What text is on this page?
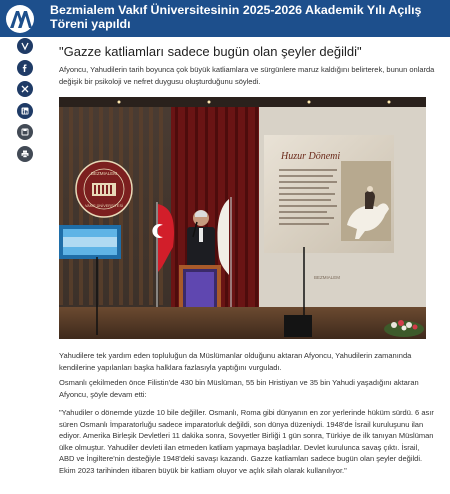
Bezmialem Vakıf Üniversitesinin 2025-2026 Akademik Yılı Açılış Töreni yapıldı
"Gazze katliamları sadece bugün olan şeyler değildi"
Afyoncu, Yahudilerin tarih boyunca çok büyük katliamlara ve sürgünlere maruz kaldığını belirterek, bunun onlarda değişik bir psikoloji ve nefret duygusu oluşturduğunu söyledi.
BEZMIALEM
VAKIF ÜNİVERSİTESİ
Huzur Dönemi
BEZMIALEM
Yahudilere tek yardım eden topluluğun da Müslümanlar olduğunu aktaran Afyoncu, Yahudilerin zamanında kendilerine yapılanları başka halklara fazlasıyla yaptığını vurguladı.
Osmanlı çekilmeden önce Filistin'de 430 bin Müslüman, 55 bin Hristiyan ve 35 bin Yahudi yaşadığını aktaran Afyoncu, şöyle devam etti:
"Yahudiler o dönemde yüzde 10 bile değiller. Osmanlı, Roma gibi dünyanın en zor yerlerinde hüküm sürdü. 6 asır süren Osmanlı İmparatorluğu sadece imparatorluk değildi, son dünya düzeniydi. 1948'de İsrail kuruluşunu ilan ediyor. Amerika Birleşik Devletleri 11 dakika sonra, Sovyetler Birliği 1 gün sonra, Türkiye de ilk tanıyan Müslüman ülke olmuştur. Yahudiler devleti ilan etmeden katliam yapmaya başladılar. Devlet kuruluncа savaş çıktı. İsrail, ABD ve İngiltere'nin desteğiyle 1948'deki savaşı kazandı. Gazze katliamları sadece bugün olan şeyler değildi. Ekim 2023 tarihinden itibaren büyük bir katliam oluyor ve açlık silah olarak kullanılıyor."
